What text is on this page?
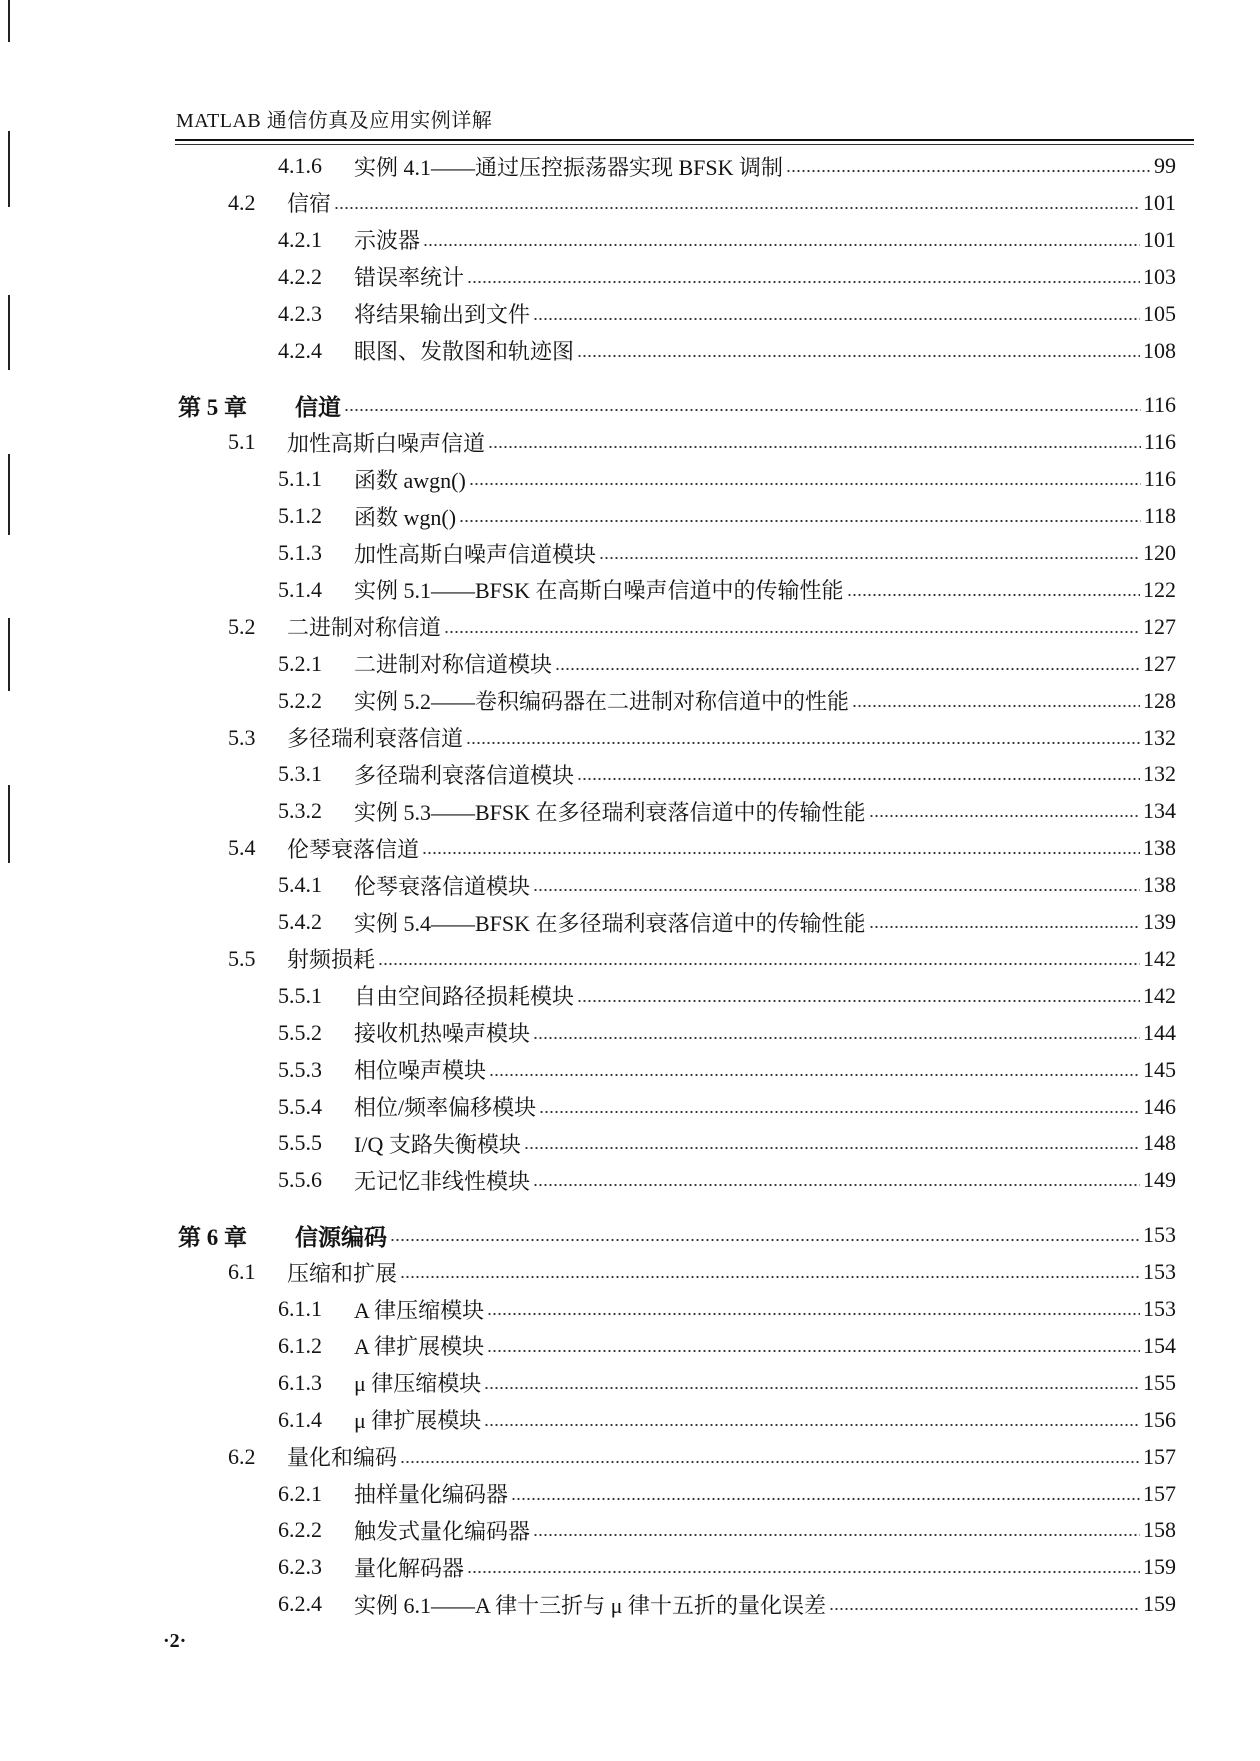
MATLAB 通信仿真及应用实例详解
4.1.6	实例 4.1——通过压控振荡器实现 BFSK 调制	99
4.2	信宿	101
4.2.1	示波器	101
4.2.2	错误率统计	103
4.2.3	将结果输出到文件	105
4.2.4	眼图、发散图和轨迹图	108
第 5 章	信道	116
5.1	加性高斯白噪声信道	116
5.1.1	函数 awgn()	116
5.1.2	函数 wgn()	118
5.1.3	加性高斯白噪声信道模块	120
5.1.4	实例 5.1——BFSK 在高斯白噪声信道中的传输性能	122
5.2	二进制对称信道	127
5.2.1	二进制对称信道模块	127
5.2.2	实例 5.2——卷积编码器在二进制对称信道中的性能	128
5.3	多径瑞利衰落信道	132
5.3.1	多径瑞利衰落信道模块	132
5.3.2	实例 5.3——BFSK 在多径瑞利衰落信道中的传输性能	134
5.4	伦琴衰落信道	138
5.4.1	伦琴衰落信道模块	138
5.4.2	实例 5.4——BFSK 在多径瑞利衰落信道中的传输性能	139
5.5	射频损耗	142
5.5.1	自由空间路径损耗模块	142
5.5.2	接收机热噪声模块	144
5.5.3	相位噪声模块	145
5.5.4	相位/频率偏移模块	146
5.5.5	I/Q 支路失衡模块	148
5.5.6	无记忆非线性模块	149
第 6 章	信源编码	153
6.1	压缩和扩展	153
6.1.1	A 律压缩模块	153
6.1.2	A 律扩展模块	154
6.1.3	μ 律压缩模块	155
6.1.4	μ 律扩展模块	156
6.2	量化和编码	157
6.2.1	抽样量化编码器	157
6.2.2	触发式量化编码器	158
6.2.3	量化解码器	159
6.2.4	实例 6.1——A 律十三折与 μ 律十五折的量化误差	159
·2·
